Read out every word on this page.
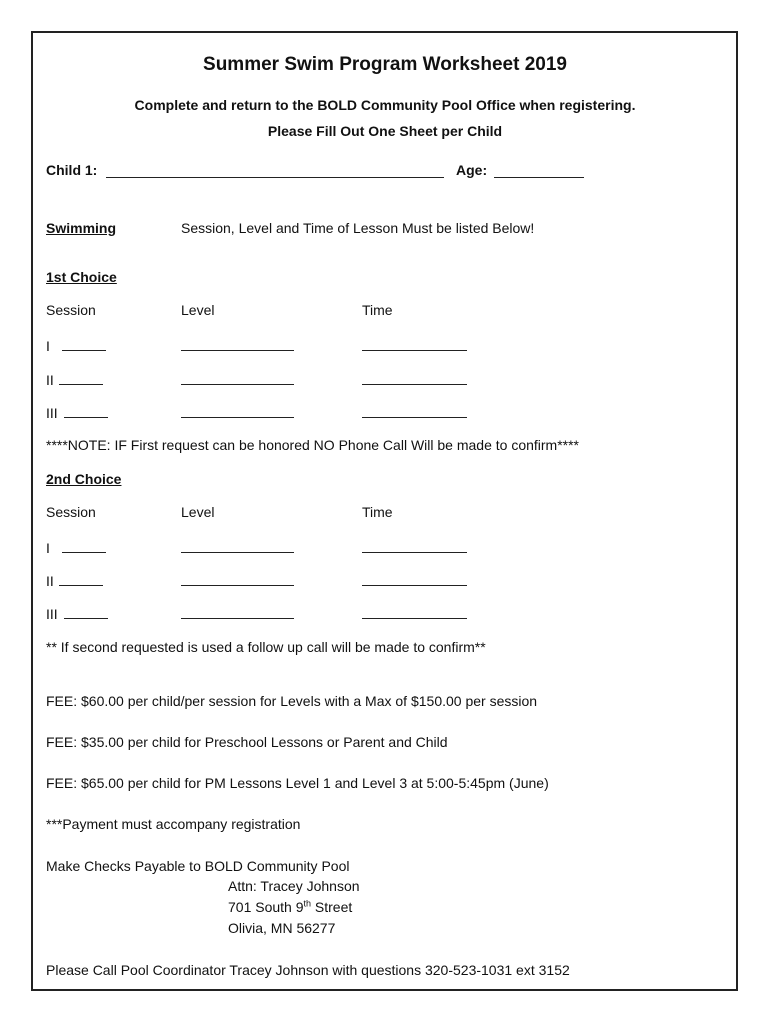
Summer Swim Program Worksheet 2019
Complete and return to the BOLD Community Pool Office when registering.
Please Fill Out One Sheet per Child
Child 1:	Age:
Swimming	Session, Level and Time of Lesson Must be listed Below!
1st Choice
Session	Level	Time
I
II
III
****NOTE: IF First request can be honored NO Phone Call Will be made to confirm****
2nd Choice
Session	Level	Time
I
II
III
** If second requested is used a follow up call will be made to confirm**
FEE: $60.00 per child/per session for Levels with a Max of $150.00 per session
FEE: $35.00 per child for Preschool Lessons or Parent and Child
FEE: $65.00 per child for PM Lessons Level 1 and Level 3 at 5:00-5:45pm (June)
***Payment must accompany registration
Make Checks Payable to BOLD Community Pool
Attn: Tracey Johnson
701 South 9th Street
Olivia, MN 56277
Please Call Pool Coordinator Tracey Johnson with questions 320-523-1031 ext 3152
